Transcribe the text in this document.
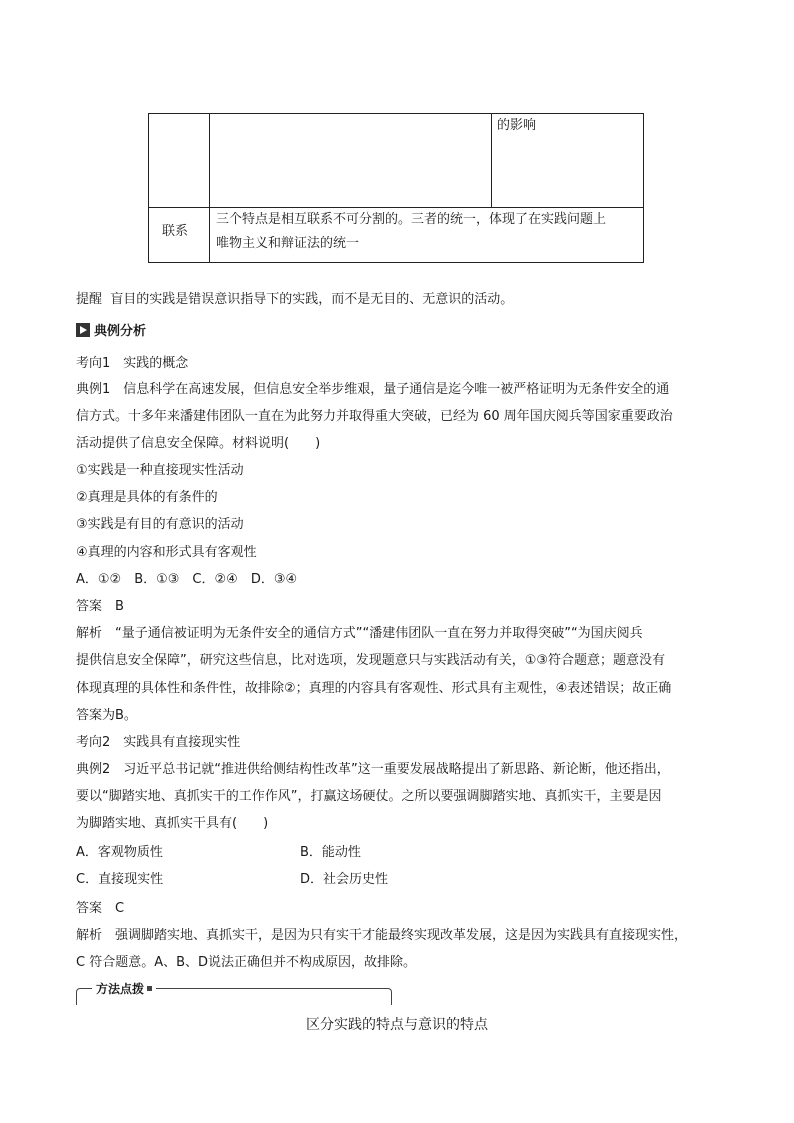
的影响
联系
三个特点是相互联系不可分割的。三者的统一，体现了在实践问题上
唯物主义和辩证法的统一
提醒 盲目的实践是错误意识指导下的实践，而不是无目的、无意识的活动。
典例分析
考向1　实践的概念
典例1　信息科学在高速发展，但信息安全举步维艰，量子通信是迄今唯一被严格证明为无条件安全的通
信方式。十多年来潘建伟团队一直在为此努力并取得重大突破，已经为 60 周年国庆阅兵等国家重要政治
活动提供了信息安全保障。材料说明(　　)
①实践是一种直接现实性活动
②真理是具体的有条件的
③实践是有目的有意识的活动
④真理的内容和形式具有客观性
A．①②　B．①③　C．②④　D．③④
答案　B
解析　“量子通信被证明为无条件安全的通信方式”“潘建伟团队一直在努力并取得突破”“为国庆阅兵
提供信息安全保障”，研究这些信息，比对选项，发现题意只与实践活动有关，①③符合题意；题意没有
体现真理的具体性和条件性，故排除②；真理的内容具有客观性、形式具有主观性，④表述错误；故正确
答案为B。
考向2　实践具有直接现实性
典例2　习近平总书记就“推进供给侧结构性改革”这一重要发展战略提出了新思路、新论断，他还指出，
要以“脚踏实地、真抓实干的工作作风”，打赢这场硬仗。之所以要强调脚踏实地、真抓实干，主要是因
为脚踏实地、真抓实干具有(　　)
A．客观物质性	B．能动性
C．直接现实性	D．社会历史性
答案　C
解析　强调脚踏实地、真抓实干，是因为只有实干才能最终实现改革发展，这是因为实践具有直接现实性，
C 符合题意。A、B、D说法正确但并不构成原因，故排除。
方法点拨
区分实践的特点与意识的特点
